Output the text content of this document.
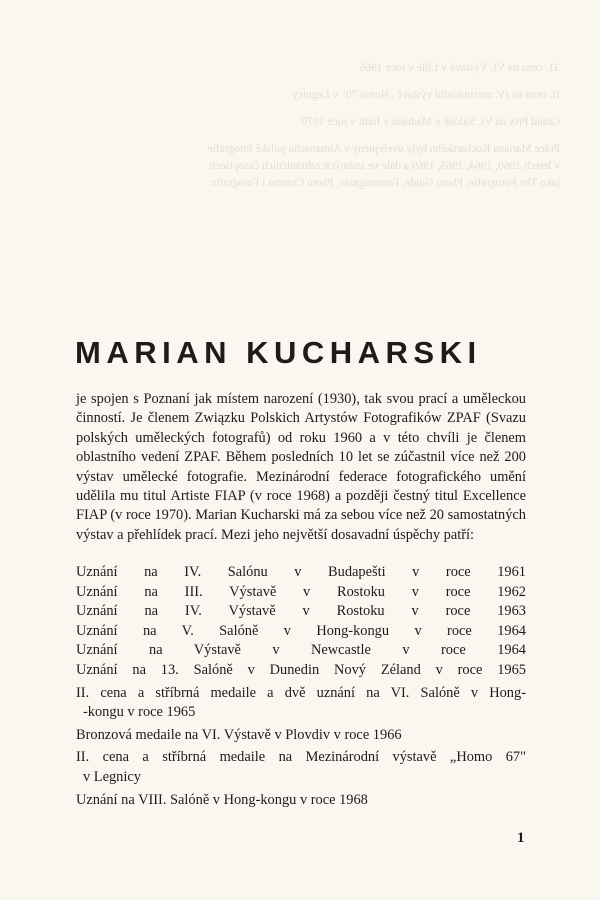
31. cena na VI. Výstavě v Lille v roce 1966

II. cena na IV. mezinárodní výstavě „Homo 70" v Legnicy

Grand Prix na VI. Salóně v Madrasu v Indii v roce 1970

Práce Mariana Kucharského byly uveřejněny v Almanachu polské fotografie v letech 1960, 1964, 1965, 1969 a dále ve známých zahraničních časopisech jako The Fotografie, Photo Guide, Fotomagazin, Photo Cinema i Fotografie.

MARIAN KUCHARSKI

je spojen s Poznaní jak místem narození (1930), tak svou prací a uměleckou činností. Je členem Związku Polskich Artystów Fotografików ZPAF (Svazu polských uměleckých fotografů) od roku 1960 a v této chvíli je členem oblastního vedení ZPAF. Během posledních 10 let se zúčastnil více než 200 výstav umělecké fotografie. Mezinárodní federace fotografického umění udělila mu titul Artiste FIAP (v roce 1968) a později čestný titul Excellence FIAP (v roce 1970). Marian Kucharski má za sebou více než 20 samostatných výstav a přehlídek prací. Mezi jeho největší dosavadní úspěchy patří:

Uznání na IV. Salónu v Budapešti v roce 1961
Uznání na III. Výstavě v Rostoku v roce 1962
Uznání na IV. Výstavě v Rostoku v roce 1963
Uznání na V. Salóně v Hong-kongu v roce 1964
Uznání na Výstavě v Newcastle v roce 1964
Uznání na 13. Salóně v Dunedin Nový Zéland v roce 1965
II. cena a stříbrná medaile a dvě uznání na VI. Salóně v Hong-
-kongu v roce 1965
Bronzová medaile na VI. Výstavě v Plovdiv v roce 1966
II. cena a stříbrná medaile na Mezinárodní výstavě „Homo 67"
v Legnicy
Uznání na VIII. Salóně v Hong-kongu v roce 1968
1
